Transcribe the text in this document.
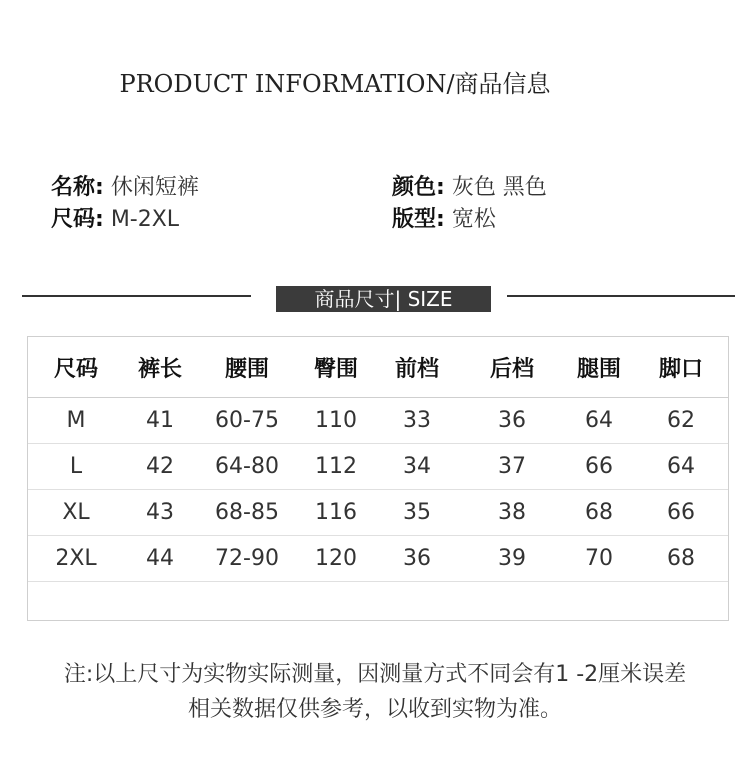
PRODUCT INFORMATION/商品信息
名称: 休闲短裤
尺码: M-2XL
颜色: 灰色 黑色
版型: 宽松
商品尺寸| SIZE
尺码	裤长	腰围	臀围	前档	后档	腿围	脚口
M	41	60-75	110	33	36	64	62
L	42	64-80	112	34	37	66	64
XL	43	68-85	116	35	38	68	66
2XL	44	72-90	120	36	39	70	68
注:以上尺寸为实物实际测量，因测量方式不同会有1 -2厘米误差
相关数据仅供参考，以收到实物为准。
